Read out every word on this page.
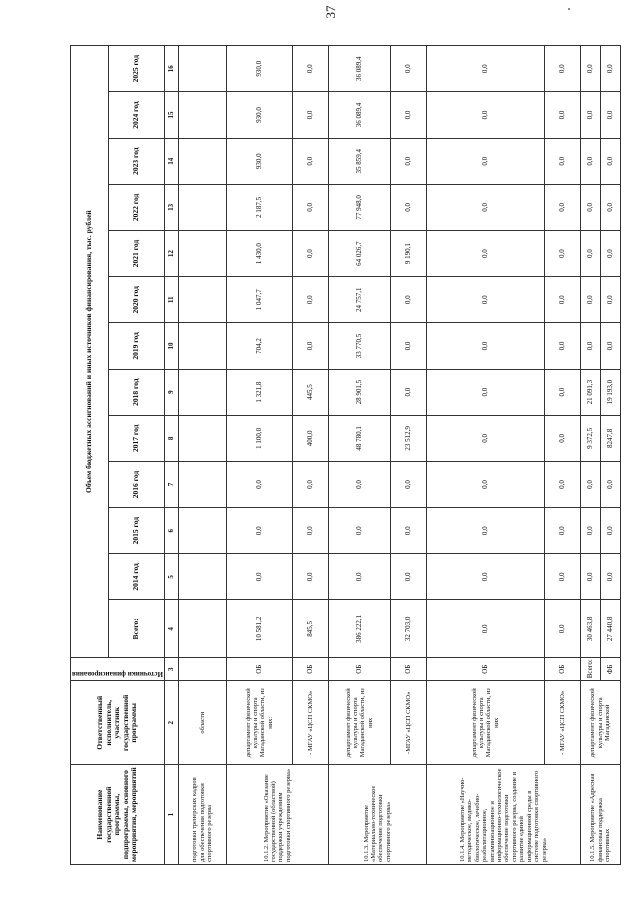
37
Наименование государственной программы, подпрограммы, основного мероприятия, мероприятий	Ответственный исполнитель, участник государственной программы	Источники финансирования	Объем бюджетных ассигнований и иных источников финансирования, тыс. рублей												
			Всего:	2014 год	2015 год	2016 год	2017 год	2018 год	2019 год	2020 год	2021 год	2022 год	2023 год	2024 год	2025 год
1	2	3	4	5	6	7	8	9	10	11	12	13	14	15	16
подготовки тренерских кадров для обеспечения подготовки спортивного резерва	области														
10.1.2. Мероприятие «Оказание государственной (областной) поддержки учреждениям подготовки спортивного резерва»	департамент физической культуры и спорта Магаданской области, из них:	ОБ	10 581,2	0,0	0,0	0,0	1 100,0	1 321,8	704,2	1 047,7	1 430,0	2 187,5	930,0	930,0	930,0
	- МГАУ «ЦСП СКМО»	ОБ	845,5	0,0	0,0	0,0	400,0	445,5	0,0	0,0	0,0	0,0	0,0	0,0	0,0
10.1.3. Мероприятие «Материально-техническое обеспечение подготовки спортивного резерва»	департамент физической культуры и спорта Магаданской области, из них	ОБ	386 222,1	0,0	0,0	0,0	48 780,1	28 901,5	33 770,5	24 757,1	64 026,7	77 948,0	35 859,4	36 089,4	36 089,4
	-МГАУ «ЦСП СКМО»	ОБ	32 703,0	0,0	0,0	0,0	23 512,9	0,0	0,0	0,0	9 190,1	0,0	0,0	0,0	0,0
10.1.4. Мероприятие «Научно-методическое, медико-биологическое, лечебно-реабилитационное, витаминизационное и информационно-технологическое обеспечение подготовки спортивного резерва, создание и развитие единой информационной среды в системе подготовки спортивного резерва»	департамент физической культуры и спорта Магаданской области, из них	ОБ	0,0	0,0	0,0	0,0	0,0	0,0	0,0	0,0	0,0	0,0	0,0	0,0	0,0
	- МГАУ «ЦСП СКМО»	ОБ	0,0	0,0	0,0	0,0	0,0	0,0	0,0	0,0	0,0	0,0	0,0	0,0	0,0
10.1.5. Мероприятие «Адресная финансовая поддержка спортивных	департамент физической культуры и спорта Магаданской	Всего:	30 463,8	0,0	0,0	0,0	9 372,5	21 091,3	0,0	0,0	0,0	0,0	0,0	0,0	0,0
		ФБ	27 440,8	0,0	0,0	0,0	8247,8	19 193,0	0,0	0,0	0,0	0,0	0,0	0,0	0,0
